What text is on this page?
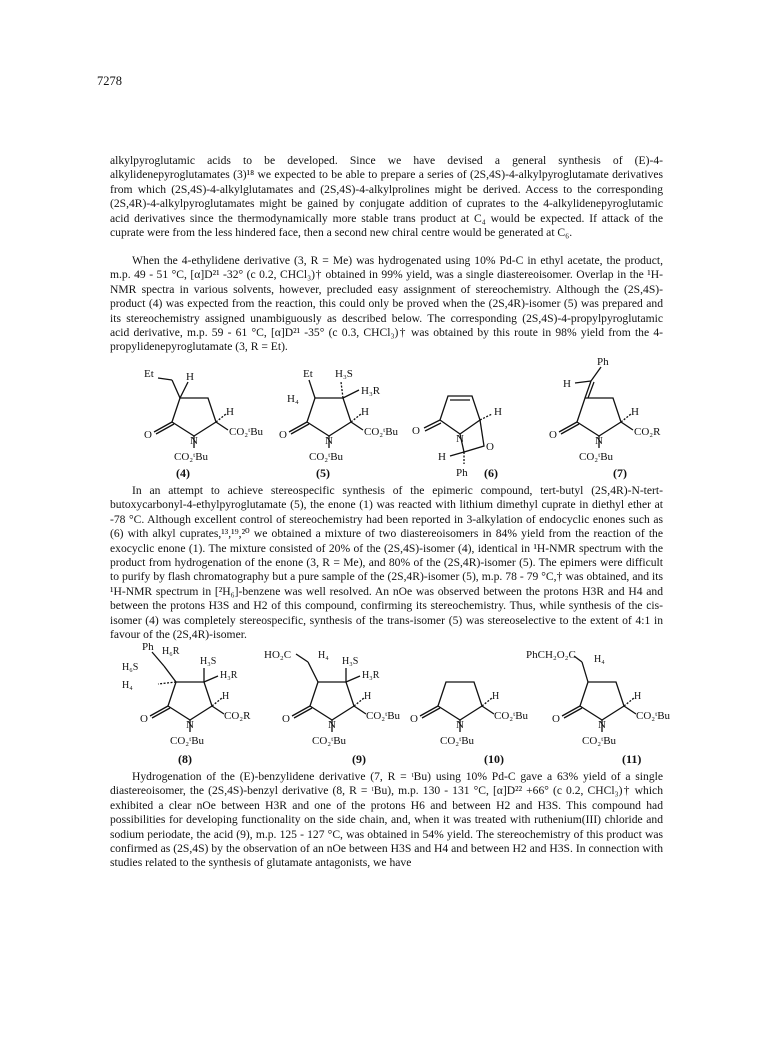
7278

alkylpyroglutamic acids to be developed. Since we have devised a general synthesis of (E)-4-alkylidenepyroglutamates (3)¹⁸ we expected to be able to prepare a series of (2S,4S)-4-alkylpyroglutamate derivatives from which (2S,4S)-4-alkylglutamates and (2S,4S)-4-alkylprolines might be derived. Access to the corresponding (2S,4R)-4-alkylpyroglutamates might be gained by conjugate addition of cuprates to the 4-alkylidenepyroglutamic acid derivatives since the thermodynamically more stable trans product at C₄ would be expected. If attack of the cuprate were from the less hindered face, then a second new chiral centre would be generated at C₆.

When the 4-ethylidene derivative (3, R = Me) was hydrogenated using 10% Pd-C in ethyl acetate, the product, m.p. 49 - 51 °C, [α]D²¹ -32° (c 0.2, CHCl₃)† obtained in 99% yield, was a single diastereoisomer. Overlap in the ¹H-NMR spectra in various solvents, however, precluded easy assignment of stereochemistry. Although the (2S,4S)-product (4) was expected from the reaction, this could only be proved when the (2S,4R)-isomer (5) was prepared and its stereochemistry assigned unambiguously as described below. The corresponding (2S,4S)-4-propylpyroglutamic acid derivative, m.p. 59 - 61 °C, [α]D²¹ -35° (c 0.3, CHCl₃)† was obtained by this route in 98% yield from the 4-propylidenepyroglutamate (3, R = Et).

Et	H
H
O	N
CO₂ᵗBu
CO₂ᵗBu
(4)
Et
H₄
H₃S
H₃R
H
O	N
CO₂ᵗBu
CO₂ᵗBu
(5)
O
N
O
H
H
Ph (6)
Ph
H
H
O	N
CO₂R
CO₂ᵗBu
(7)

In an attempt to achieve stereospecific synthesis of the epimeric compound, tert-butyl (2S,4R)-N-tert-butoxycarbonyl-4-ethylpyroglutamate (5), the enone (1) was reacted with lithium dimethyl cuprate in diethyl ether at -78 °C. Although excellent control of stereochemistry had been reported in 3-alkylation of endocyclic enones such as (6) with alkyl cuprates,¹³,¹⁹,²⁰ we obtained a mixture of two diastereoisomers in 84% yield from the reaction of the exocyclic enone (1). The mixture consisted of 20% of the (2S,4S)-isomer (4), identical in ¹H-NMR spectrum with the product from hydrogenation of the enone (3, R = Me), and 80% of the (2S,4R)-isomer (5). The epimers were difficult to purify by flash chromatography but a pure sample of the (2S,4R)-isomer (5), m.p. 78 - 79 °C,† was obtained, and its ¹H-NMR spectrum in [²H₆]-benzene was well resolved. An nOe was observed between the protons H3R and H4 and between the protons H3S and H2 of this compound, confirming its stereochemistry. Thus, while synthesis of the cis-isomer (4) was completely stereospecific, synthesis of the trans-isomer (5) was stereoselective to the extent of 4:1 in favour of the (2S,4R)-isomer.

Ph H₆R
H₆S
H₃S
H₃R
H₄
H
O	N
CO₂R
CO₂ᵗBu
(8)
HO₂C	H₄
H₃S
H₃R
H
O	N
CO₂ᵗBu
CO₂ᵗBu
(9)
H
O	N
CO₂ᵗBu
CO₂ᵗBu
(10)
PhCH₂O₂C H₄
H
O	N
CO₂ᵗBu
CO₂ᵗBu
(11)

Hydrogenation of the (E)-benzylidene derivative (7, R = ᵗBu) using 10% Pd-C gave a 63% yield of a single diastereoisomer, the (2S,4S)-benzyl derivative (8, R = ᵗBu), m.p. 130 - 131 °C, [α]D²² +66° (c 0.2, CHCl₃)† which exhibited a clear nOe between H3R and one of the protons H6 and between H2 and H3S. This compound had possibilities for developing functionality on the side chain, and, when it was treated with ruthenium(III) chloride and sodium periodate, the acid (9), m.p. 125 - 127 °C, was obtained in 54% yield. The stereochemistry of this product was confirmed as (2S,4S) by the observation of an nOe between H3S and H4 and between H2 and H3S. In connection with studies related to the synthesis of glutamate antagonists, we have
